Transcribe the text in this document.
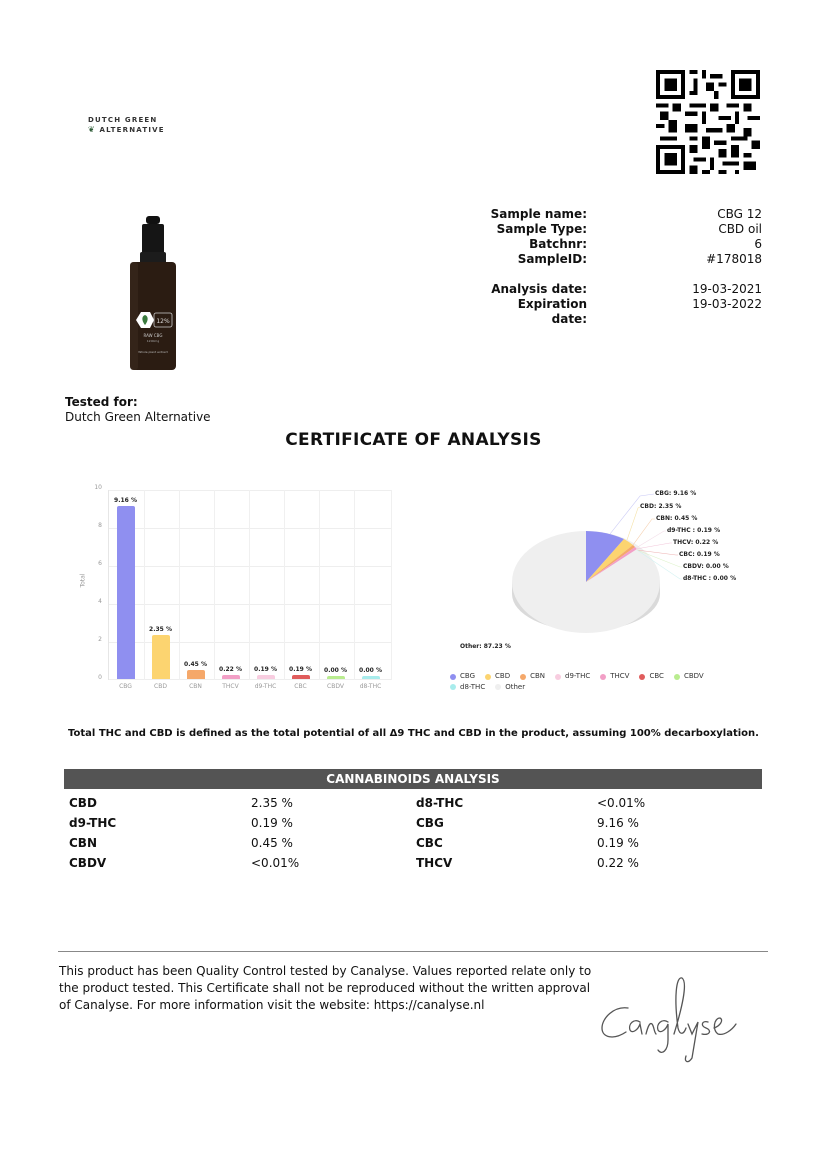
DUTCH GREEN
❦ ALTERNATIVE
12%
RAW CBG
1200mg
Whole plant extract
Sample name:	CBG 12
Sample Type:	CBD oil
Batchnr:	6
SampleID:	#178018
Analysis date:	19-03-2021
Expiration date:
19-03-2022
Tested for:
Dutch Green Alternative
CERTIFICATE OF ANALYSIS
Total
10
8
6
4
2
0
9.16 %
CBG
2.35 %
CBD
0.45 %
CBN
0.22 %
THCV
0.19 %
d9-THC
0.19 %
CBC
0.00 %
CBDV
0.00 %
d8-THC
CBG: 9.16 %
CBD: 2.35 %
CBN: 0.45 %
d9-THC : 0.19 %
THCV: 0.22 %
CBC: 0.19 %
CBDV: 0.00 %
d8-THC : 0.00 %
Other: 87.23 %
CBG	CBD	CBN	d9-THC	THCV	CBC	CBDV

d8-THC	Other
Total THC and CBD is defined as the total potential of all Δ9 THC and CBD in the product, assuming 100% decarboxylation.
CANNABINOIDS ANALYSIS
CBD	2.35 %	d8-THC	<0.01%
d9-THC	0.19 %	CBG	9.16 %
CBN	0.45 %	CBC	0.19 %
CBDV	<0.01%	THCV	0.22 %
This product has been Quality Control tested by Canalyse. Values reported relate only to the product tested. This Certificate shall not be reproduced without the written approval of Canalyse. For more information visit the website: https://canalyse.nl
